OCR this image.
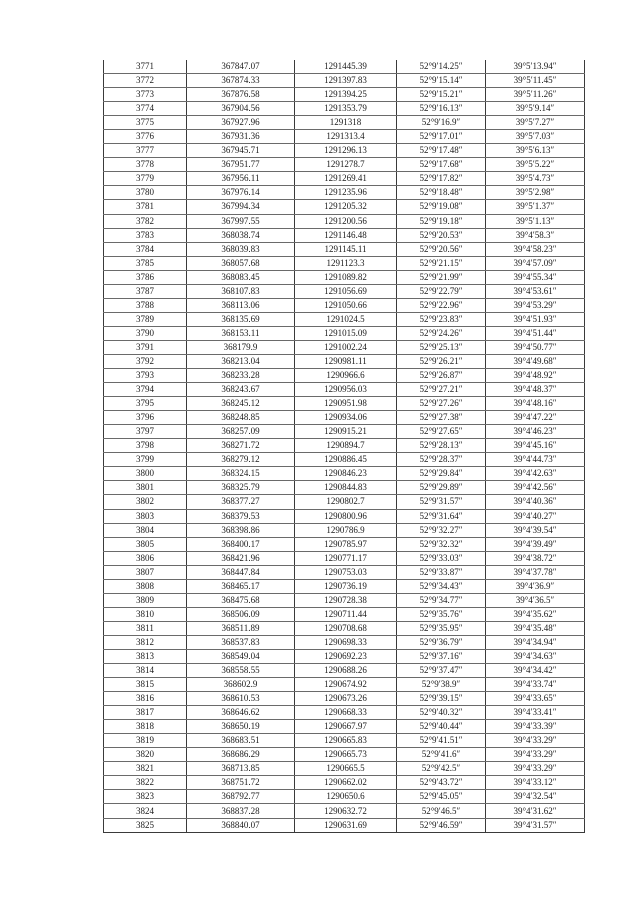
3771	367847.07	1291445.39	52°9′14.25″	39°5′13.94″
3772	367874.33	1291397.83	52°9′15.14″	39°5′11.45″
3773	367876.58	1291394.25	52°9′15.21″	39°5′11.26″
3774	367904.56	1291353.79	52°9′16.13″	39°5′9.14″
3775	367927.96	1291318	52°9′16.9″	39°5′7.27″
3776	367931.36	1291313.4	52°9′17.01″	39°5′7.03″
3777	367945.71	1291296.13	52°9′17.48″	39°5′6.13″
3778	367951.77	1291278.7	52°9′17.68″	39°5′5.22″
3779	367956.11	1291269.41	52°9′17.82″	39°5′4.73″
3780	367976.14	1291235.96	52°9′18.48″	39°5′2.98″
3781	367994.34	1291205.32	52°9′19.08″	39°5′1.37″
3782	367997.55	1291200.56	52°9′19.18″	39°5′1.13″
3783	368038.74	1291146.48	52°9′20.53″	39°4′58.3″
3784	368039.83	1291145.11	52°9′20.56″	39°4′58.23″
3785	368057.68	1291123.3	52°9′21.15″	39°4′57.09″
3786	368083.45	1291089.82	52°9′21.99″	39°4′55.34″
3787	368107.83	1291056.69	52°9′22.79″	39°4′53.61″
3788	368113.06	1291050.66	52°9′22.96″	39°4′53.29″
3789	368135.69	1291024.5	52°9′23.83″	39°4′51.93″
3790	368153.11	1291015.09	52°9′24.26″	39°4′51.44″
3791	368179.9	1291002.24	52°9′25.13″	39°4′50.77″
3792	368213.04	1290981.11	52°9′26.21″	39°4′49.68″
3793	368233.28	1290966.6	52°9′26.87″	39°4′48.92″
3794	368243.67	1290956.03	52°9′27.21″	39°4′48.37″
3795	368245.12	1290951.98	52°9′27.26″	39°4′48.16″
3796	368248.85	1290934.06	52°9′27.38″	39°4′47.22″
3797	368257.09	1290915.21	52°9′27.65″	39°4′46.23″
3798	368271.72	1290894.7	52°9′28.13″	39°4′45.16″
3799	368279.12	1290886.45	52°9′28.37″	39°4′44.73″
3800	368324.15	1290846.23	52°9′29.84″	39°4′42.63″
3801	368325.79	1290844.83	52°9′29.89″	39°4′42.56″
3802	368377.27	1290802.7	52°9′31.57″	39°4′40.36″
3803	368379.53	1290800.96	52°9′31.64″	39°4′40.27″
3804	368398.86	1290786.9	52°9′32.27″	39°4′39.54″
3805	368400.17	1290785.97	52°9′32.32″	39°4′39.49″
3806	368421.96	1290771.17	52°9′33.03″	39°4′38.72″
3807	368447.84	1290753.03	52°9′33.87″	39°4′37.78″
3808	368465.17	1290736.19	52°9′34.43″	39°4′36.9″
3809	368475.68	1290728.38	52°9′34.77″	39°4′36.5″
3810	368506.09	1290711.44	52°9′35.76″	39°4′35.62″
3811	368511.89	1290708.68	52°9′35.95″	39°4′35.48″
3812	368537.83	1290698.33	52°9′36.79″	39°4′34.94″
3813	368549.04	1290692.23	52°9′37.16″	39°4′34.63″
3814	368558.55	1290688.26	52°9′37.47″	39°4′34.42″
3815	368602.9	1290674.92	52°9′38.9″	39°4′33.74″
3816	368610.53	1290673.26	52°9′39.15″	39°4′33.65″
3817	368646.62	1290668.33	52°9′40.32″	39°4′33.41″
3818	368650.19	1290667.97	52°9′40.44″	39°4′33.39″
3819	368683.51	1290665.83	52°9′41.51″	39°4′33.29″
3820	368686.29	1290665.73	52°9′41.6″	39°4′33.29″
3821	368713.85	1290665.5	52°9′42.5″	39°4′33.29″
3822	368751.72	1290662.02	52°9′43.72″	39°4′33.12″
3823	368792.77	1290650.6	52°9′45.05″	39°4′32.54″
3824	368837.28	1290632.72	52°9′46.5″	39°4′31.62″
3825	368840.07	1290631.69	52°9′46.59″	39°4′31.57″
